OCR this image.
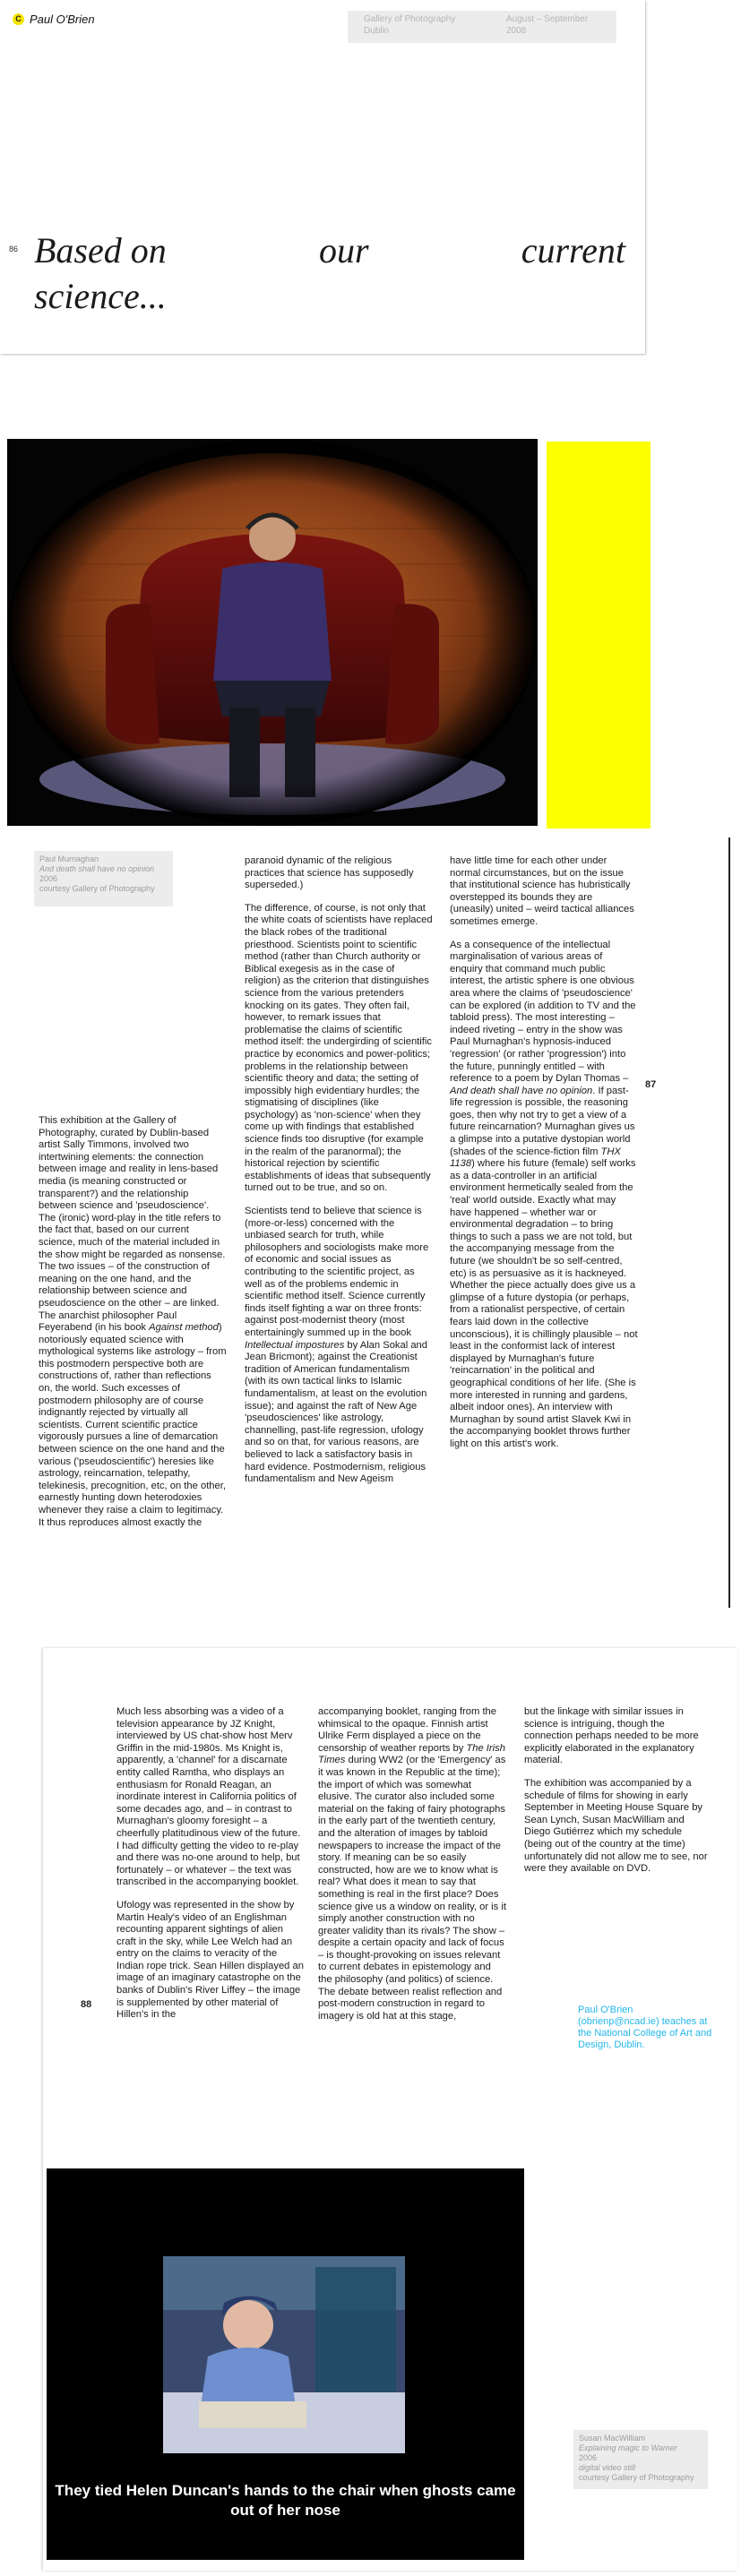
C Paul O'Brien	Gallery of Photography
Dublin
August – September
2008
86 Based on	our	current
science...
Paul Murnaghan
And death shall have no opinion
2006
courtesy Gallery of Photography

This exhibition at the Gallery of Photography, curated by Dublin-based artist Sally Timmons, involved two intertwining elements: the connection between image and reality in lens-based media (is meaning constructed or transparent?) and the relationship between science and 'pseudoscience'. The (ironic) word-play in the title refers to the fact that, based on our current science, much of the material included in the show might be regarded as nonsense. The two issues – of the construction of meaning on the one hand, and the relationship between science and pseudoscience on the other – are linked. The anarchist philosopher Paul Feyerabend (in his book Against method) notoriously equated science with mythological systems like astrology – from this postmodern perspective both are constructions of, rather than reflections on, the world. Such excesses of postmodern philosophy are of course indignantly rejected by virtually all scientists. Current scientific practice vigorously pursues a line of demarcation between science on the one hand and the various ('pseudoscientific') heresies like astrology, reincarnation, telepathy, telekinesis, precognition, etc, on the other, earnestly hunting down heterodoxies whenever they raise a claim to legitimacy. It thus reproduces almost exactly the

paranoid dynamic of the religious practices that science has supposedly superseded.)

The difference, of course, is not only that the white coats of scientists have replaced the black robes of the traditional priesthood. Scientists point to scientific method (rather than Church authority or Biblical exegesis as in the case of religion) as the criterion that distinguishes science from the various pretenders knocking on its gates. They often fail, however, to remark issues that problematise the claims of scientific method itself: the undergirding of scientific practice by economics and power-politics; problems in the relationship between scientific theory and data; the setting of impossibly high evidentiary hurdles; the stigmatising of disciplines (like psychology) as 'non-science' when they come up with findings that established science finds too disruptive (for example in the realm of the paranormal); the historical rejection by scientific establishments of ideas that subsequently turned out to be true, and so on.

Scientists tend to believe that science is (more-or-less) concerned with the unbiased search for truth, while philosophers and sociologists make more of economic and social issues as contributing to the scientific project, as well as of the problems endemic in scientific method itself. Science currently finds itself fighting a war on three fronts: against post-modernist theory (most entertainingly summed up in the book Intellectual impostures by Alan Sokal and Jean Bricmont); against the Creationist tradition of American fundamentalism (with its own tactical links to Islamic fundamentalism, at least on the evolution issue); and against the raft of New Age 'pseudosciences' like astrology, channelling, past-life regression, ufology and so on that, for various reasons, are believed to lack a satisfactory basis in hard evidence. Postmodernism, religious fundamentalism and New Ageism

have little time for each other under normal circumstances, but on the issue that institutional science has hubristically overstepped its bounds they are (uneasily) united – weird tactical alliances sometimes emerge.

As a consequence of the intellectual marginalisation of various areas of enquiry that command much public interest, the artistic sphere is one obvious area where the claims of 'pseudoscience' can be explored (in addition to TV and the tabloid press). The most interesting – indeed riveting – entry in the show was Paul Murnaghan's hypnosis-induced 'regression' (or rather 'progression') into the future, punningly entitled – with reference to a poem by Dylan Thomas – And death shall have no opinion. If past-life regression is possible, the reasoning goes, then why not try to get a view of a future reincarnation? Murnaghan gives us a glimpse into a putative dystopian world (shades of the science-fiction film THX 1138) where his future (female) self works as a data-controller in an artificial environment hermetically sealed from the 'real' world outside. Exactly what may have happened – whether war or environmental degradation – to bring things to such a pass we are not told, but the accompanying message from the future (we shouldn't be so self-centred, etc) is as persuasive as it is hackneyed. Whether the piece actually does give us a glimpse of a future dystopia (or perhaps, from a rationalist perspective, of certain fears laid down in the collective unconscious), it is chillingly plausible – not least in the conformist lack of interest displayed by Murnaghan's future 'reincarnation' in the political and geographical conditions of her life. (She is more interested in running and gardens, albeit indoor ones). An interview with Murnaghan by sound artist Slavek Kwi in the accompanying booklet throws further light on this artist's work.

87

Much less absorbing was a video of a television appearance by JZ Knight, interviewed by US chat-show host Merv Griffin in the mid-1980s. Ms Knight is, apparently, a 'channel' for a discarnate entity called Ramtha, who displays an enthusiasm for Ronald Reagan, an inordinate interest in California politics of some decades ago, and – in contrast to Murnaghan's gloomy foresight – a cheerfully platitudinous view of the future. I had difficulty getting the video to re-play and there was no-one around to help, but fortunately – or whatever – the text was transcribed in the accompanying booklet.

Ufology was represented in the show by Martin Healy's video of an Englishman recounting apparent sightings of alien craft in the sky, while Lee Welch had an entry on the claims to veracity of the Indian rope trick. Sean Hillen displayed an image of an imaginary catastrophe on the banks of Dublin's River Liffey – the image is supplemented by other material of Hillen's in the

accompanying booklet, ranging from the whimsical to the opaque. Finnish artist Ulrike Ferm displayed a piece on the censorship of weather reports by The Irish Times during WW2 (or the 'Emergency' as it was known in the Republic at the time); the import of which was somewhat elusive. The curator also included some material on the faking of fairy photographs in the early part of the twentieth century, and the alteration of images by tabloid newspapers to increase the impact of the story. If meaning can be so easily constructed, how are we to know what is real? What does it mean to say that something is real in the first place? Does science give us a window on reality, or is it simply another construction with no greater validity than its rivals? The show – despite a certain opacity and lack of focus – is thought-provoking on issues relevant to current debates in epistemology and the philosophy (and politics) of science. The debate between realist reflection and post-modern construction in regard to imagery is old hat at this stage,

but the linkage with similar issues in science is intriguing, though the connection perhaps needed to be more explicitly elaborated in the explanatory material.

The exhibition was accompanied by a schedule of films for showing in early September in Meeting House Square by Sean Lynch, Susan MacWilliam and Diego Gutiérrez which my schedule (being out of the country at the time) unfortunately did not allow me to see, nor were they available on DVD.

88	Paul O'Brien
(obrienp@ncad.ie) teaches at the National College of Art and Design, Dublin.
They tied Helen Duncan's hands to the chair when ghosts came out of her nose
Susan MacWilliam
Explaining magic to Warner
2006
digital video still
courtesy Gallery of Photography
